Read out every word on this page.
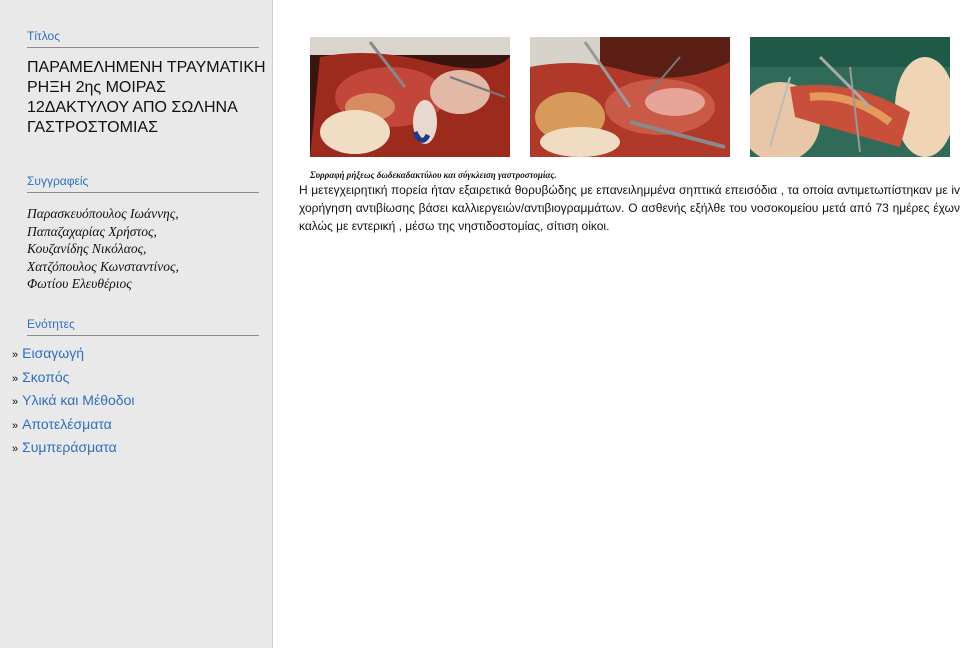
Τίτλος
ΠΑΡΑΜΕΛΗΜΕΝΗ ΤΡΑΥΜΑΤΙΚΗ ΡΗΞΗ 2ης ΜΟΙΡΑΣ 12ΔΑΚΤΥΛΟΥ ΑΠΟ ΣΩΛΗΝΑ ΓΑΣΤΡΟΣΤΟΜΙΑΣ
Συγγραφείς
Παρασκευόπουλος Ιωάννης,
Παπαζαχαρίας Χρήστος,
Κουζανίδης Νικόλαος,
Χατζόπουλος Κωνσταντίνος,
Φωτίου Ελευθέριος
Ενότητες
» Εισαγωγή
» Σκοπός
» Υλικά και Μέθοδοι
» Αποτελέσματα
» Συμπεράσματα
Συρραφή ρήξεως δωδεκαδακτύλου και σύγκλειση γαστροστομίας.
Η μετεγχειρητική πορεία ήταν εξαιρετικά θορυβώδης με επανειλημμένα σηπτικά επεισόδια , τα οποία αντιμετωπίστηκαν με iv χορήγηση αντιβίωσης βάσει καλλιεργειών/αντιβιογραμμάτων. Ο ασθενής εξήλθε του νοσοκομείου μετά από 73 ημέρες έχων καλώς με εντερική , μέσω της νηστιδοστομίας, σίτιση οίκοι.
